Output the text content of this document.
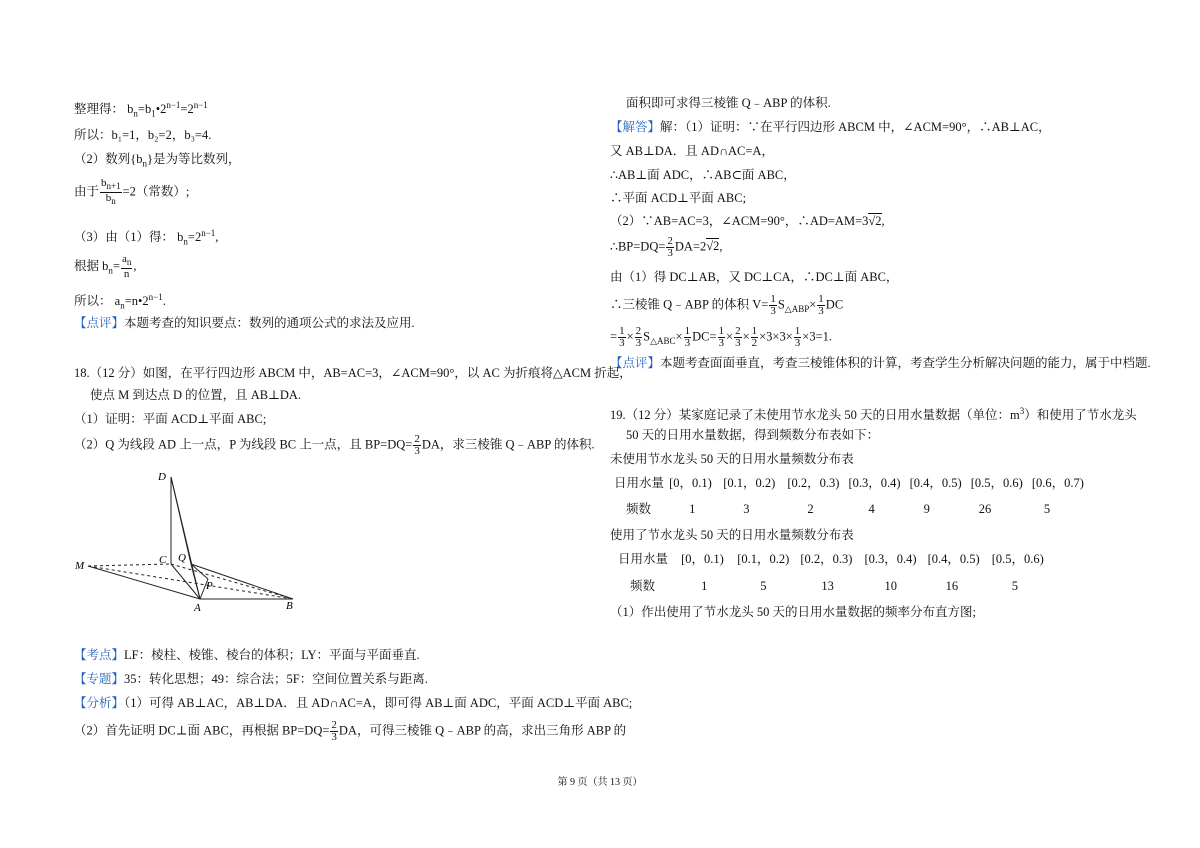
整理得： $b_n=b_1•2^{n-1}=2^{n-1}$
所以：b₁=1，b₂=2，b₃=4.
（2）数列$\{b_n\}$是为等比数列，
由于 $\frac{b_{n+1}}{b_n} =2$（常数）;
（3）由（1）得： $b_n=2^{n-1}$,
根据 $b_n= \frac{a_n}{n}$ ,
所以： $a_n=n•2^{n-1}$.
【点评】本题考查的知识要点：数列的通项公式的求法及应用.
18.（12 分）如图，在平行四边形 ABCM 中，AB=AC=3，∠ACM=90°，以 AC 为折痕将△ACM 折起，
使点 M 到达点 D 的位置，且 AB⊥DA.
（1）证明：平面 ACD⊥平面 ABC;
（2）Q 为线段 AD 上一点，P 为线段 BC 上一点，且 $BP=DQ= \frac{2}{3}$ DA，求三棱锥 Q﹣ABP 的体积.
D
C Q
P
M
A	B
【考点】LF：棱柱、棱锥、棱台的体积；LY：平面与平面垂直.
【专题】35：转化思想；49：综合法；5F：空间位置关系与距离.
【分析】（1）可得 AB⊥AC，AB⊥DA．且 AD∩AC=A，即可得 AB⊥面 ADC，平面 ACD⊥平面 ABC;
（2）首先证明 DC⊥面 ABC，再根据 $BP=DQ= \frac{2}{3}$ DA，可得三棱锥 Q﹣ABP 的高，求出三角形 ABP 的
面积即可求得三棱锥 Q﹣ABP 的体积.
【解答】解：（1）证明：∵在平行四边形 ABCM 中，∠ACM=90°，∴AB⊥AC，
又 AB⊥DA．且 AD∩AC=A，
∴AB⊥面 ADC，∴AB⊂面 ABC，
∴平面 ACD⊥平面 ABC;
（2）∵AB=AC=3，∠ACM=90°，∴AD=AM=3√2,
∴BP=DQ= $\frac{2}{3} DA=2√2$,
由（1）得 DC⊥AB，又 DC⊥CA，∴DC⊥面 ABC，
∴三棱锥 Q﹣ABP 的体积 $V= \frac{1}{3} S_{\triangle ABP}\times \frac{1}{3}$ DC
= $\frac{1}{3} \times \frac{2}{3} S_{\triangle ABC}\times \frac{1}{3} DC= \frac{1}{3} \times \frac{2}{3} \times \frac{1}{2} \times 3\times 3\times \frac{1}{3} \times 3=1$.
【点评】本题考查面面垂直，考查三棱锥体积的计算，考查学生分析解决问题的能力，属于中档题.
19.（12 分）某家庭记录了未使用节水龙头 50 天的日用水量数据（单位：$m^3$）和使用了节水龙头
50 天的日用水量数据，得到频数分布表如下：
未使用节水龙头 50 天的日用水量频数分布表
日用水量 [0，0.1) [0.1，0.2) [0.2，0.3) [0.3，0.4) [0.4，0.5) [0.5，0.6) [0.6，0.7)
频数	1	3	2	4	9	26	5
使用了节水龙头 50 天的日用水量频数分布表
日用水量 [0，0.1) [0.1，0.2) [0.2，0.3) [0.3，0.4) [0.4，0.5) [0.5，0.6)
频数	1	5	13	10	16	5
（1）作出使用了节水龙头 50 天的日用水量数据的频率分布直方图;
第 9 页（共 13 页）
